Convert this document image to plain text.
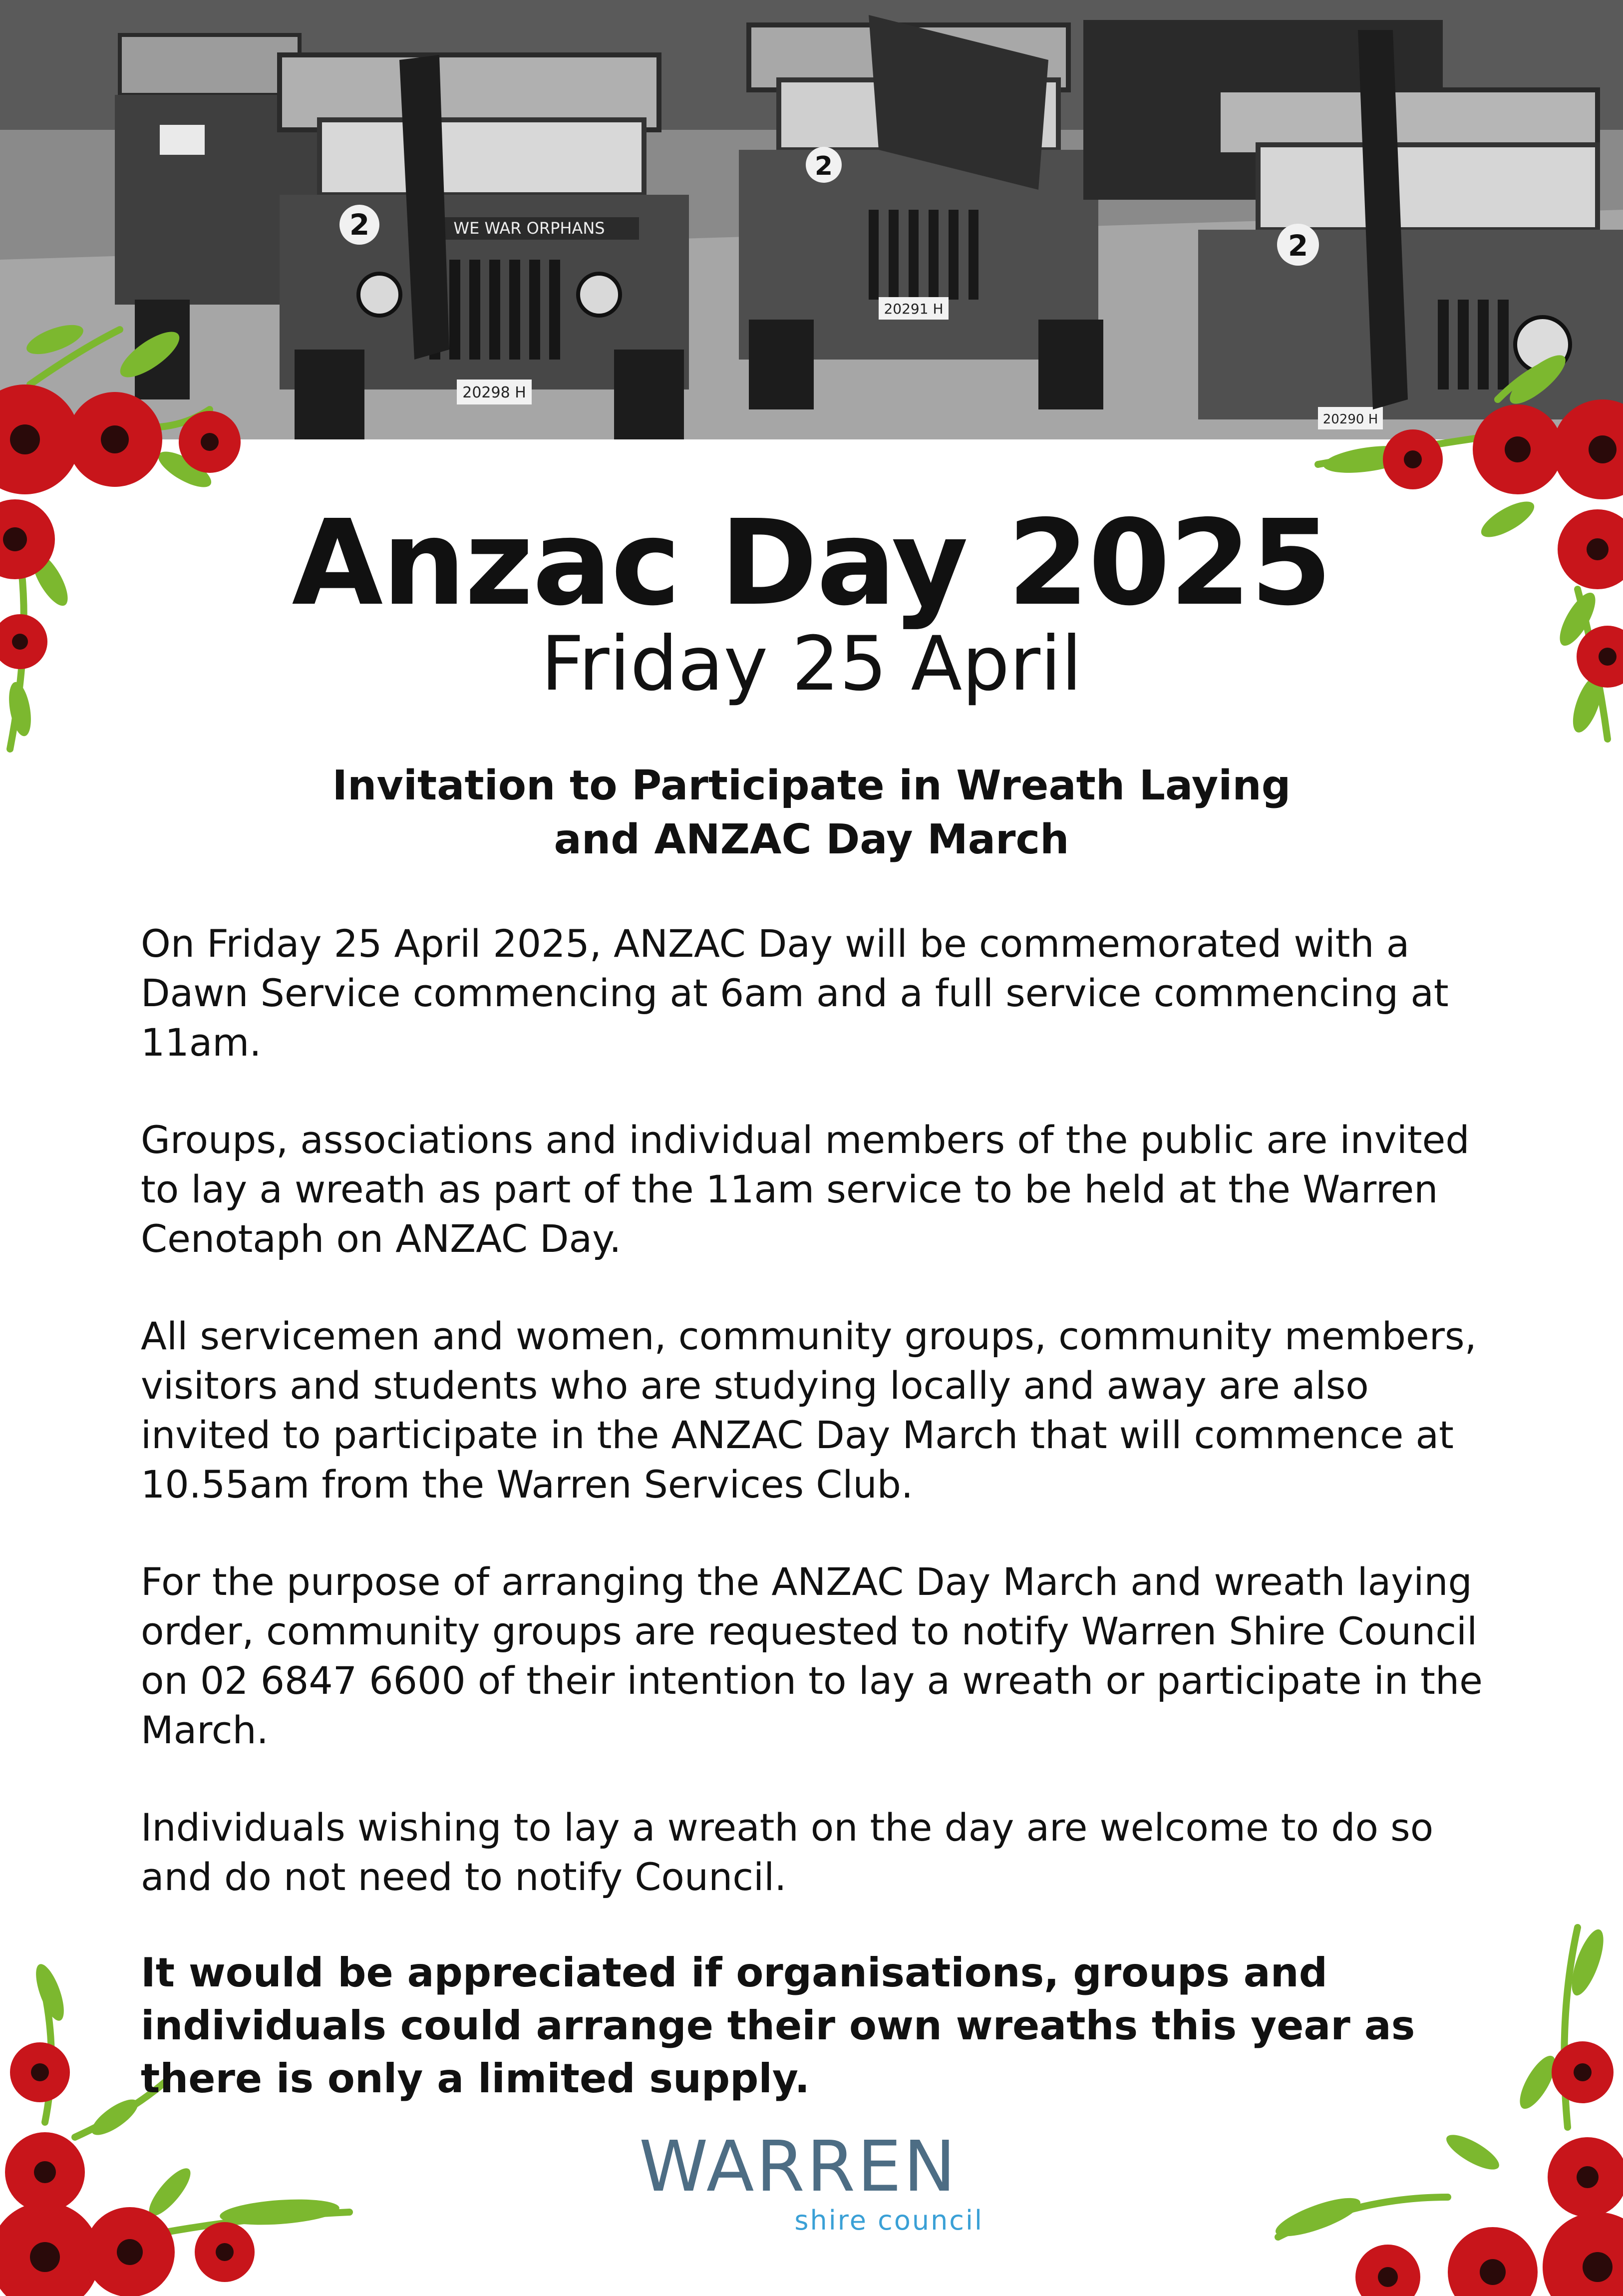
WE WAR ORPHANS
20298 H
2
2
20291 H
2
20290 H
Anzac Day 2025
Friday 25 April
Invitation to Participate in Wreath Laying
and ANZAC Day March

On Friday 25 April 2025, ANZAC Day will be commemorated with a Dawn Service commencing at 6am and a full service commencing at 11am.

Groups, associations and individual members of the public are invited to lay a wreath as part of the 11am service to be held at the Warren Cenotaph on ANZAC Day.

All servicemen and women, community groups, community members, visitors and students who are studying locally and away are also invited to participate in the ANZAC Day March that will commence at 10.55am from the Warren Services Club.

For the purpose of arranging the ANZAC Day March and wreath laying order, community groups are requested to notify Warren Shire Council on 02 6847 6600 of their intention to lay a wreath or participate in the March.

Individuals wishing to lay a wreath on the day are welcome to do so and do not need to notify Council.

It would be appreciated if organisations, groups and individuals could arrange their own wreaths this year as there is only a limited supply.

WARREN
shire council
